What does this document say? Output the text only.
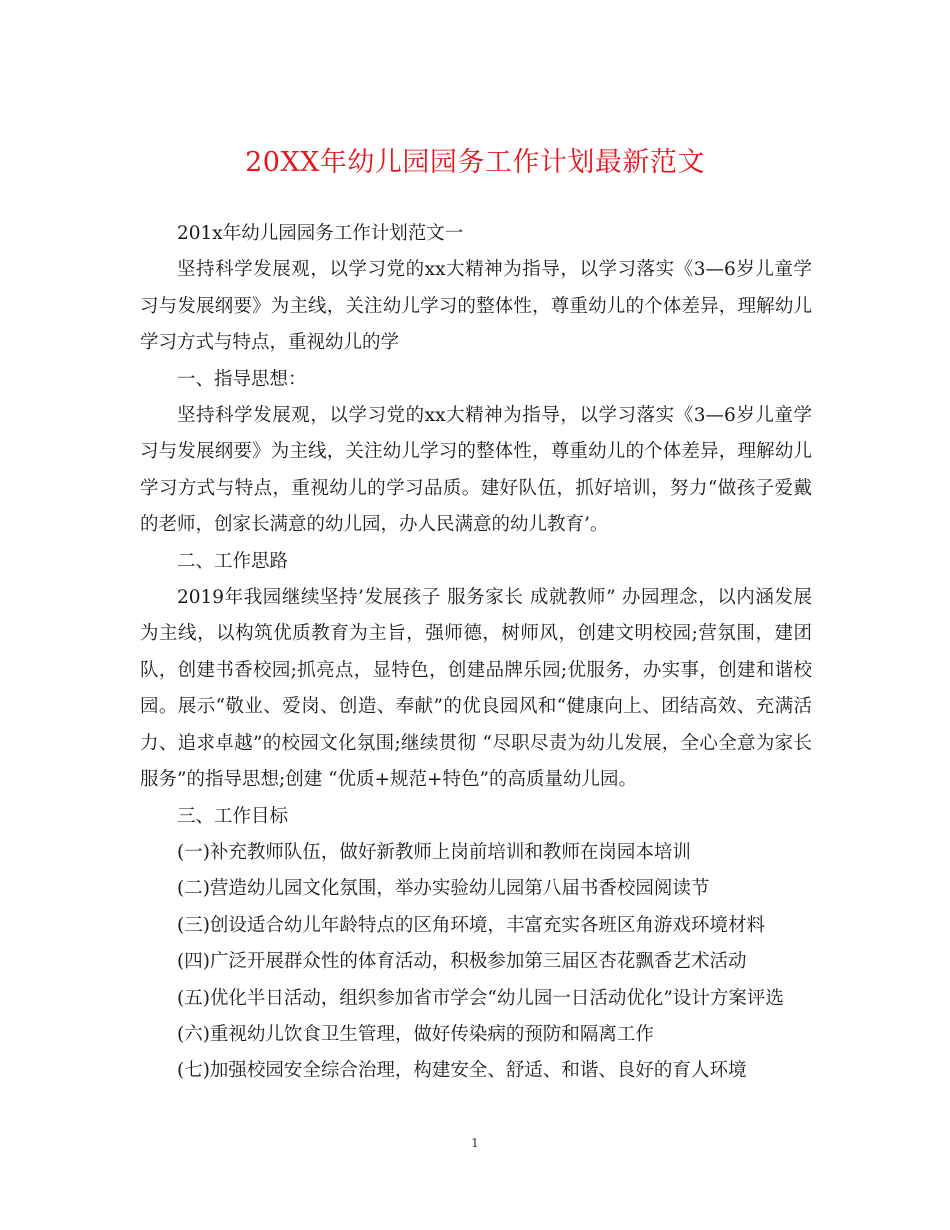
20XX年幼儿园园务工作计划最新范文

201x年幼儿园园务工作计划范文一

坚持科学发展观，以学习党的xx大精神为指导，以学习落实《3—6岁儿童学习与发展纲要》为主线，关注幼儿学习的整体性，尊重幼儿的个体差异，理解幼儿学习方式与特点，重视幼儿的学

一、指导思想：

坚持科学发展观，以学习党的xx大精神为指导，以学习落实《3—6岁儿童学习与发展纲要》为主线，关注幼儿学习的整体性，尊重幼儿的个体差异，理解幼儿学习方式与特点，重视幼儿的学习品质。建好队伍，抓好培训，努力“做孩子爱戴的老师，创家长满意的幼儿园，办人民满意的幼儿教育’。

二、工作思路

2019年我园继续坚持’发展孩子 服务家长 成就教师” 办园理念，以内涵发展为主线，以构筑优质教育为主旨，强师德，树师风，创建文明校园;营氛围，建团队，创建书香校园;抓亮点，显特色，创建品牌乐园;优服务，办实事，创建和谐校园。展示“敬业、爱岗、创造、奉献”的优良园风和“健康向上、团结高效、充满活力、追求卓越”的校园文化氛围;继续贯彻 “尽职尽责为幼儿发展，全心全意为家长服务”的指导思想;创建 “优质+规范+特色”的高质量幼儿园。

三、工作目标

(一)补充教师队伍，做好新教师上岗前培训和教师在岗园本培训

(二)营造幼儿园文化氛围，举办实验幼儿园第八届书香校园阅读节

(三)创设适合幼儿年龄特点的区角环境，丰富充实各班区角游戏环境材料

(四)广泛开展群众性的体育活动，积极参加第三届区杏花飘香艺术活动

(五)优化半日活动，组织参加省市学会“幼儿园一日活动优化”设计方案评选

(六)重视幼儿饮食卫生管理，做好传染病的预防和隔离工作

(七)加强校园安全综合治理，构建安全、舒适、和谐、良好的育人环境

1
